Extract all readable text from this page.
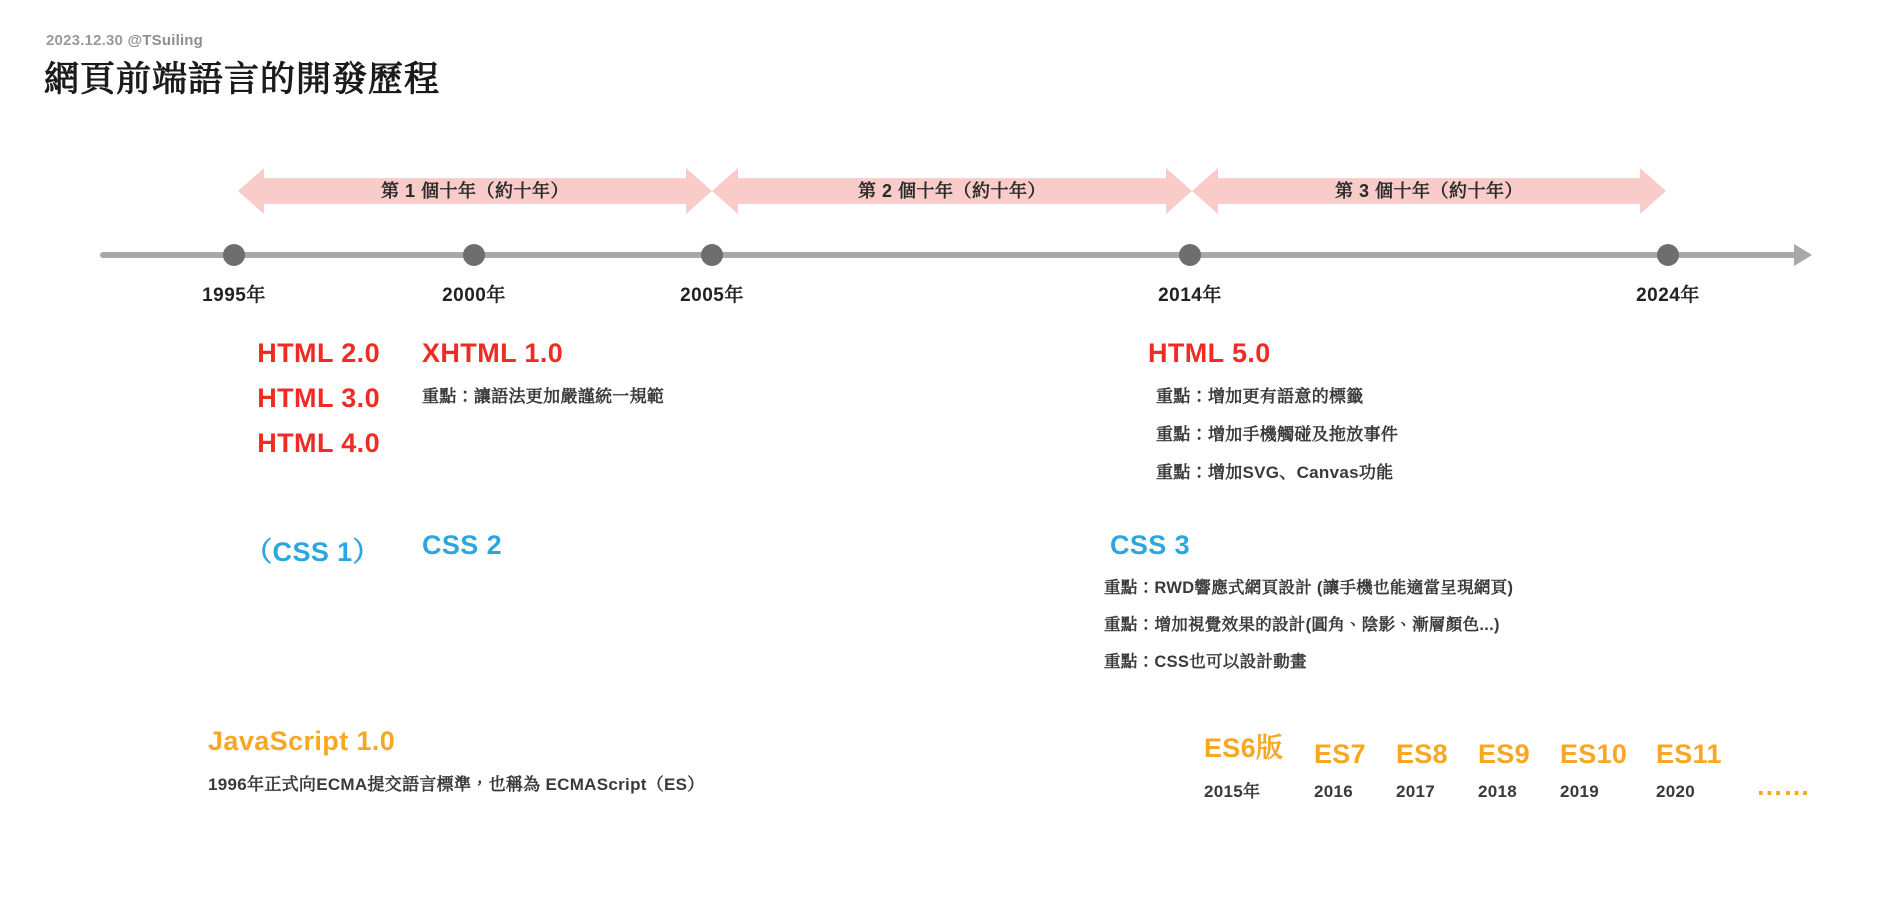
2023.12.30 @TSuiling
網頁前端語言的開發歷程
第 1 個十年（約十年）	第 2 個十年（約十年）	第 3 個十年（約十年）
1995年	2000年	2005年	2014年	2024年
HTML 2.0
HTML 3.0
HTML 4.0
XHTML 1.0
重點：讓語法更加嚴謹統一規範
HTML 5.0
重點：增加更有語意的標籤
重點：增加手機觸碰及拖放事件
重點：增加SVG、Canvas功能
（CSS 1） CSS 2	CSS 3
重點：RWD響應式網頁設計 (讓手機也能適當呈現網頁)
重點：增加視覺效果的設計(圓角、陰影、漸層顏色...)
重點：CSS也可以設計動畫
JavaScript 1.0
1996年正式向ECMA提交語言標準，也稱為 ECMAScript（ES）
ES6版
2015年
ES7
2016
ES8
2017
ES9
2018
ES10
2019
ES11
2020	……
